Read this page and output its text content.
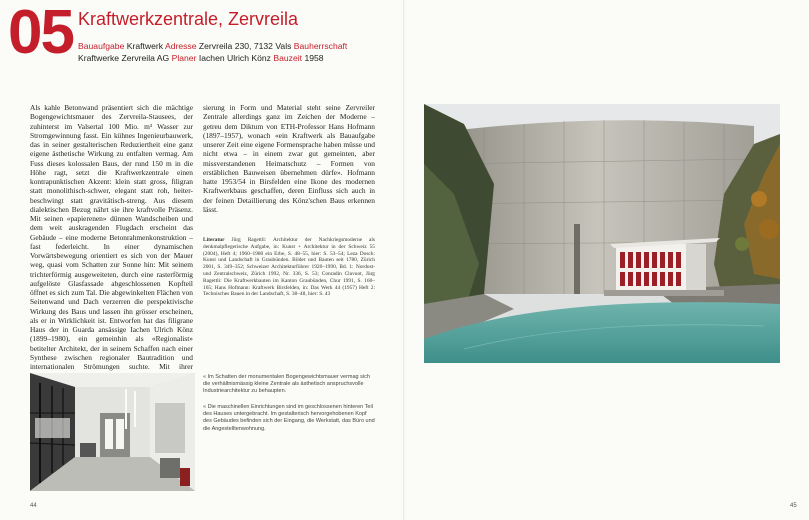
05 Kraftwerkzentrale, Zervreila
Bauaufgabe Kraftwerk Adresse Zervreila 230, 7132 Vals Bauherrschaft Kraftwerke Zervreila AG Planer Iachen Ulrich Könz Bauzeit 1958
Als kahle Betonwand präsentiert sich die mächtige Bogengewichtsmauer des Zervreila-Stausees, der zuhinterst im Valsertal 100 Mio. m³ Wasser zur Stromgewinnung fasst. Ein kühnes Ingenieurbauwerk, das in seiner gestalterischen Reduziertheit eine ganz eigene ästhetische Wirkung zu entfalten vermag. Am Fuss dieses kolossalen Baus, der rund 150 m in die Höhe ragt, setzt die Kraftwerkzentrale einen kontrapunktischen Akzent: klein statt gross, filigran statt monolithisch-schwer, elegant statt roh, heiter-beschwingt statt gravitätisch-streng. Aus diesem dialektischen Bezug nährt sie ihre kraftvolle Präsenz. Mit seinen «papierenen» dünnen Wandscheiben und dem weit auskragenden Flugdach erscheint das Gebäude – eine moderne Betonrahmenkonstruktion – fast federleicht. In einer dynamischen Vorwärtsbewegung orientiert es sich von der Mauer weg, quasi vom Schatten zur Sonne hin: Mit seinem trichterförmig ausgeweiteten, durch eine rasterförmig aufgelöste Glasfassade abgeschlossenen Kopfteil öffnet es sich zum Tal. Die abgewinkelten Flächen von Seitenwand und Dach verzerren die perspektivische Wirkung des Baus und lassen ihn grösser erscheinen, als er in Wirklichkeit ist. Entworfen hat das filigrane Haus der in Guarda ansässige Iachen Ulrich Könz (1899–1980), ein gemeinhin als «Regionalist» betitelter Architekt, der in seinem Schaffen nach einer Synthese zwischen regionaler Bautradition und internationalen Strömungen suchte. Mit ihrer
sierung in Form und Material steht seine Zervreiler Zentrale allerdings ganz im Zeichen der Moderne – getreu dem Diktum von ETH-Professor Hans Hofmann (1897–1957), wonach «ein Kraftwerk als Bauaufgabe unserer Zeit eine eigene Formensprache haben müsse und nicht etwa – in einem zwar gut gemeinten, aber missverstandenen Heimatschutz – Formen von erstäblichen Bauweisen übernehmen dürfe». Hofmann hatte 1953/54 in Birsfelden eine Ikone des modernen Kraftwerkbaus geschaffen, deren Einfluss sich auch in der feinen Detaillierung des Könz'schen Baus erkennen lässt.
Literatur Jürg Ragettli: Architektur der Nachkriegsmoderne als denkmalpflegerische Aufgabe, in: Kunst + Architektur in der Schweiz 55 (2004), Heft 4; 1960–1980 ein Erbe, S. 48–55, hier: S. 53–54; Leza Dosch: Kunst und Landschaft in Graubünden. Bilder und Bauten seit 1780, Zürich 2001, S. 349–352; Schweizer Architekturführer 1920–1990, Bd. 1: Nordost- und Zentralschweiz, Zürich 1992, Nr. 336, S. 53; Conradin Clavuot, Jürg Ragettli: Die Kraftwerkbauten im Kanton Graubünden, Chur 1991, S. 160–165; Hans Hofmann: Kraftwerk Birsfelden, in: Das Werk 44 (1957) Heft 2: Technisches Bauen in der Landschaft, S. 38–48, hier: S. 43
« Im Schatten der monumentalen Bogengewichtsmauer vermag sich die verhältnismässig kleine Zentrale als ästhetisch anspruchsvolle Industriearchitektur zu behaupten.
« Die maschinellen Einrichtungen sind im geschlossenen hinteren Teil des Hauses untergebracht. Im gestalterisch hervorgehobenen Kopf des Gebäudes befinden sich der Eingang, die Werkstatt, das Büro und die Angestelltenwohnung.
44	45
